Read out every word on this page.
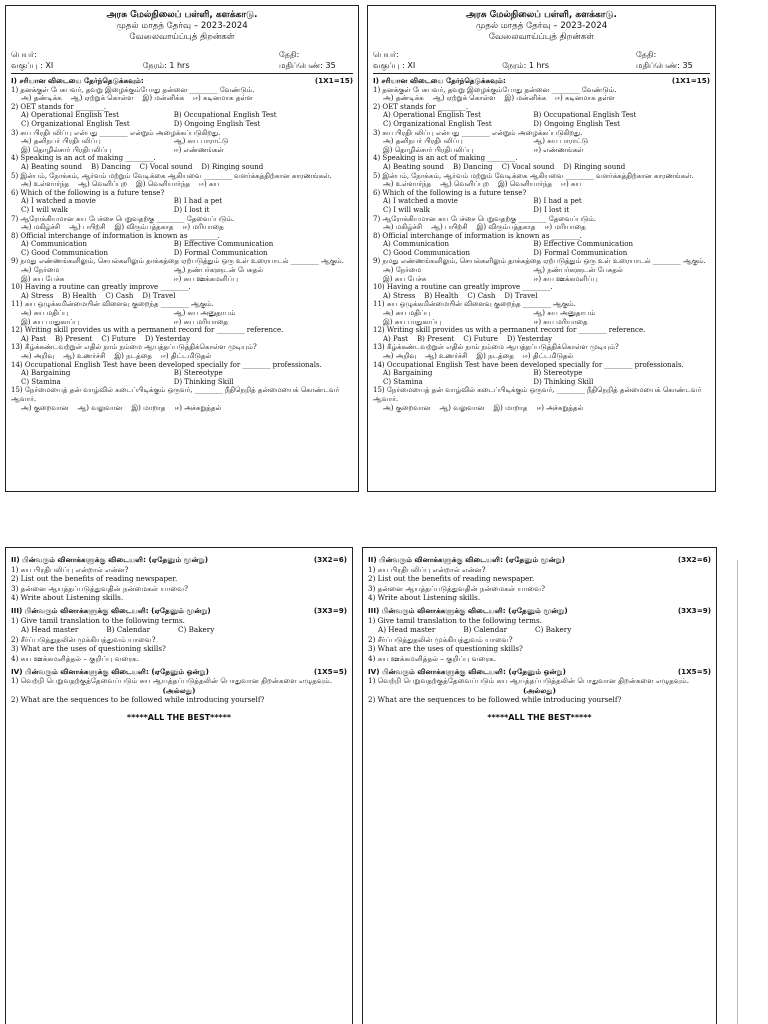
அரசு மேல்நிலைப் பள்ளி, களக்காடு.
முதல் மாதத் தேர்வு – 2023-2024
வேலைவாய்ப்புத் திறன்கள்
பெயர்:	தேதி:
வகுப்பு : XI	நேரம்: 1 hrs	மதிப்பெண்: 35
I) சரியான விடையை தேர்ந்தெடுக்கவும்:	(1X1=15)
1) தனக்குள் பேசுபவர், தவறு இழைக்கும்போது தன்னை ________ வேண்டும்.
அ) தண்டிக்க ஆ) ஏற்றுக் கொள்ள இ) மன்னிக்க ஈ) கடினமாக தள்ள
2) OET stands for ________.
A) Operational English Test	B) Occupational English Test
C) Organizational English Test	D) Ongoing English Test
3) சுய பிரதிபலிப்பு என்பது ________ என்றும் அழைக்கப்படுகிறது.
அ) தனிநபர் பிரதிபலிப்பு	ஆ) சுய பாராட்டு
இ) தொழில்சார் பிரதிபலிப்பு	ஈ) எண்ணங்கள்
4) Speaking is an act of making ________.
A) Beating sound B) Dancing C) Vocal sound D) Ringing sound
5) இன்பம், நோக்கம், ஆர்வம் மற்றும் வேடிக்கை ஆகியவை ________ வளர்க்கத்திற்கான காரணங்கள்.
அ) உள்ளார்ந்த ஆ) வெளிப்புற இ) வெளியார்ந்த ஈ) சுய
6) Which of the following is a future tense?
A) I watched a movie	B) I had a pet
C) I will walk	D) I lost it
7) ஆரோக்கியமான சுய பேச்சை பெறுவதற்கு ________ தேவைப்படும்.
அ) மகிழ்ச்சி ஆ) பயிற்சி இ) விரும்பத்தகாத ஈ) மரியாதை
8) Official interchange of information is known as ________.
A) Communication	B) Effective Communication
C) Good Communication	D) Formal Communication
9) நமது எண்ணங்களிலும், செயல்களிலும் தாக்கத்தை ஏற்படுத்தும் ஒரு உள் உரையாடல் ________ ஆகும்.
அ) நேர்மை	ஆ) நண்பர்களுடன் பேசுதல்
இ) சுய பேச்சு	ஈ) சுய ஊக்கமளிப்பு
10) Having a routine can greatly improve ________.
A) Stress B) Health C) Cash D) Travel
11) சுய ஒழுக்கமின்மையின் விளைவு குறைந்த ________ ஆகும்.
அ) சுய மதிப்பு	ஆ) சுய அனுதாபம்
இ) சுய பாதுகாப்பு	ஈ) சுய மரியாதை
12) Writing skill provides us with a permanent record for ________ reference.
A) Past B) Present C) Future D) Yesterday
13) கீழ்க்கண்டவற்றுள் எதில் நாம் நம்மை ஆயத்தப்படுத்திக்கொள்ள முடியும்?
அ) அறிவு ஆ) உணர்ச்சி இ) நடத்தை ஈ) திட்டமிடுதல்
14) Occupational English Test have been developed specially for ________ professionals.
A) Bargaining	B) Stereotype
C) Stamina	D) Thinking Skill
15) நேர்மையைத் தன் வாழ்வில் கடைப்பிடிக்கும் ஒருவர், ________ நீதிநெறித் தன்மையைக் கொண்டவர் ஆவார்.
அ) குறைவான ஆ) வலுவான இ) மாறாத ஈ) அச்சுறுத்தல்
அரசு மேல்நிலைப் பள்ளி, களக்காடு.
முதல் மாதத் தேர்வு – 2023-2024
வேலைவாய்ப்புத் திறன்கள்
பெயர்:	தேதி:
வகுப்பு : XI	நேரம்: 1 hrs	மதிப்பெண்: 35
I) சரியான விடையை தேர்ந்தெடுக்கவும்:	(1X1=15)
1) தனக்குள் பேசுபவர், தவறு இழைக்கும்போது தன்னை ________ வேண்டும்.
அ) தண்டிக்க ஆ) ஏற்றுக் கொள்ள இ) மன்னிக்க ஈ) கடினமாக தள்ள
2) OET stands for ________.
A) Operational English Test	B) Occupational English Test
C) Organizational English Test	D) Ongoing English Test
3) சுய பிரதிபலிப்பு என்பது ________ என்றும் அழைக்கப்படுகிறது.
அ) தனிநபர் பிரதிபலிப்பு	ஆ) சுய பாராட்டு
இ) தொழில்சார் பிரதிபலிப்பு	ஈ) எண்ணங்கள்
4) Speaking is an act of making ________.
A) Beating sound B) Dancing C) Vocal sound D) Ringing sound
5) இன்பம், நோக்கம், ஆர்வம் மற்றும் வேடிக்கை ஆகியவை ________ வளர்க்கத்திற்கான காரணங்கள்.
அ) உள்ளார்ந்த ஆ) வெளிப்புற இ) வெளியார்ந்த ஈ) சுய
6) Which of the following is a future tense?
A) I watched a movie	B) I had a pet
C) I will walk	D) I lost it
7) ஆரோக்கியமான சுய பேச்சை பெறுவதற்கு ________ தேவைப்படும்.
அ) மகிழ்ச்சி ஆ) பயிற்சி இ) விரும்பத்தகாத ஈ) மரியாதை
8) Official interchange of information is known as ________.
A) Communication	B) Effective Communication
C) Good Communication	D) Formal Communication
9) நமது எண்ணங்களிலும், செயல்களிலும் தாக்கத்தை ஏற்படுத்தும் ஒரு உள் உரையாடல் ________ ஆகும்.
அ) நேர்மை	ஆ) நண்பர்களுடன் பேசுதல்
இ) சுய பேச்சு	ஈ) சுய ஊக்கமளிப்பு
10) Having a routine can greatly improve ________.
A) Stress B) Health C) Cash D) Travel
11) சுய ஒழுக்கமின்மையின் விளைவு குறைந்த ________ ஆகும்.
அ) சுய மதிப்பு	ஆ) சுய அனுதாபம்
இ) சுய பாதுகாப்பு	ஈ) சுய மரியாதை
12) Writing skill provides us with a permanent record for ________ reference.
A) Past B) Present C) Future D) Yesterday
13) கீழ்க்கண்டவற்றுள் எதில் நாம் நம்மை ஆயத்தப்படுத்திக்கொள்ள முடியும்?
அ) அறிவு ஆ) உணர்ச்சி இ) நடத்தை ஈ) திட்டமிடுதல்
14) Occupational English Test have been developed specially for ________ professionals.
A) Bargaining	B) Stereotype
C) Stamina	D) Thinking Skill
15) நேர்மையைத் தன் வாழ்வில் கடைப்பிடிக்கும் ஒருவர், ________ நீதிநெறித் தன்மையைக் கொண்டவர் ஆவார்.
அ) குறைவான ஆ) வலுவான இ) மாறாத ஈ) அச்சுறுத்தல்
II) பின்வரும் வினாக்களுக்கு விடையளி: (ஏதேனும் மூன்று)	(3X2=6)
1) சுய பிரதிபலிப்பு என்றால் என்ன?
2) List out the benefits of reading newspaper.
3) தன்னை ஆயத்தப்படுத்துவதின் நன்மைகள் யாவை?
4) Write about Listening skills.
III) பின்வரும் வினாக்களுக்கு விடையளி: (ஏதேனும் மூன்று)	(3X3=9)
1) Give tamil translation to the following terms.
A) Head master	B) Calendar	C) Bakery
2) சீர்ப்படுத்துதலின் முக்கியத்துவம் யாவை?
3) What are the uses of questioning skills?
4) சுய ஊக்கமளித்தல் – குறிப்பு வரைக.
IV) பின்வரும் வினாக்களுக்கு விடையளி: (ஏதேனும் ஒன்று)	(1X5=5)
1) வெற்றி பெறுவதற்குத்தேவைப்படும் சுய ஆயத்தப்படுத்தலின் பொதுவான திறன்களை எழுதவும்.
(அல்லது)
2) What are the sequences to be followed while introducing yourself?
*****ALL THE BEST*****
II) பின்வரும் வினாக்களுக்கு விடையளி: (ஏதேனும் மூன்று)	(3X2=6)
1) சுய பிரதிபலிப்பு என்றால் என்ன?
2) List out the benefits of reading newspaper.
3) தன்னை ஆயத்தப்படுத்துவதின் நன்மைகள் யாவை?
4) Write about Listening skills.
III) பின்வரும் வினாக்களுக்கு விடையளி: (ஏதேனும் மூன்று)	(3X3=9)
1) Give tamil translation to the following terms.
A) Head master	B) Calendar	C) Bakery
2) சீர்ப்படுத்துதலின் முக்கியத்துவம் யாவை?
3) What are the uses of questioning skills?
4) சுய ஊக்கமளித்தல் – குறிப்பு வரைக.
IV) பின்வரும் வினாக்களுக்கு விடையளி: (ஏதேனும் ஒன்று)	(1X5=5)
1) வெற்றி பெறுவதற்குத்தேவைப்படும் சுய ஆயத்தப்படுத்தலின் பொதுவான திறன்களை எழுதவும்.
(அல்லது)
2) What are the sequences to be followed while introducing yourself?
*****ALL THE BEST*****
